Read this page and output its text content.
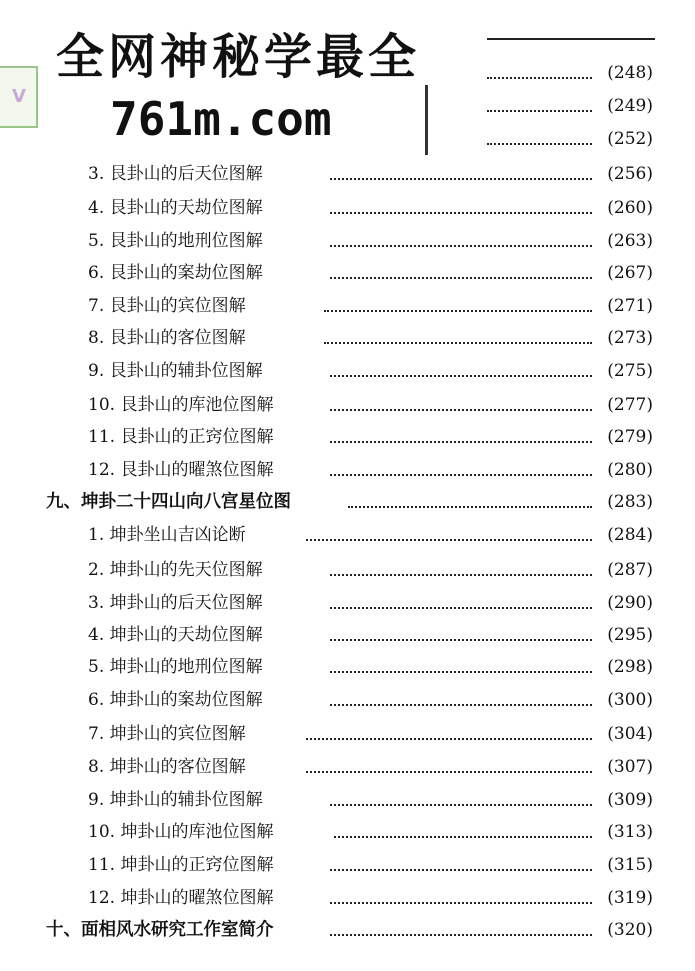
V
(248)
(249)
(252)
3. 艮卦山的后天位图解	(256)
4. 艮卦山的天劫位图解	(260)
5. 艮卦山的地刑位图解	(263)
6. 艮卦山的案劫位图解	(267)
7. 艮卦山的宾位图解	(271)
8. 艮卦山的客位图解	(273)
9. 艮卦山的辅卦位图解	(275)
10. 艮卦山的库池位图解	(277)
11. 艮卦山的正窍位图解	(279)
12. 艮卦山的曜煞位图解	(280)
九、坤卦二十四山向八宫星位图	(283)
1. 坤卦坐山吉凶论断	(284)
2. 坤卦山的先天位图解	(287)
3. 坤卦山的后天位图解	(290)
4. 坤卦山的天劫位图解	(295)
5. 坤卦山的地刑位图解	(298)
6. 坤卦山的案劫位图解	(300)
7. 坤卦山的宾位图解	(304)
8. 坤卦山的客位图解	(307)
9. 坤卦山的辅卦位图解	(309)
10. 坤卦山的库池位图解	(313)
11. 坤卦山的正窍位图解	(315)
12. 坤卦山的曜煞位图解	(319)
十、面相风水研究工作室简介	(320)
全网神秘学最全
761m.com
